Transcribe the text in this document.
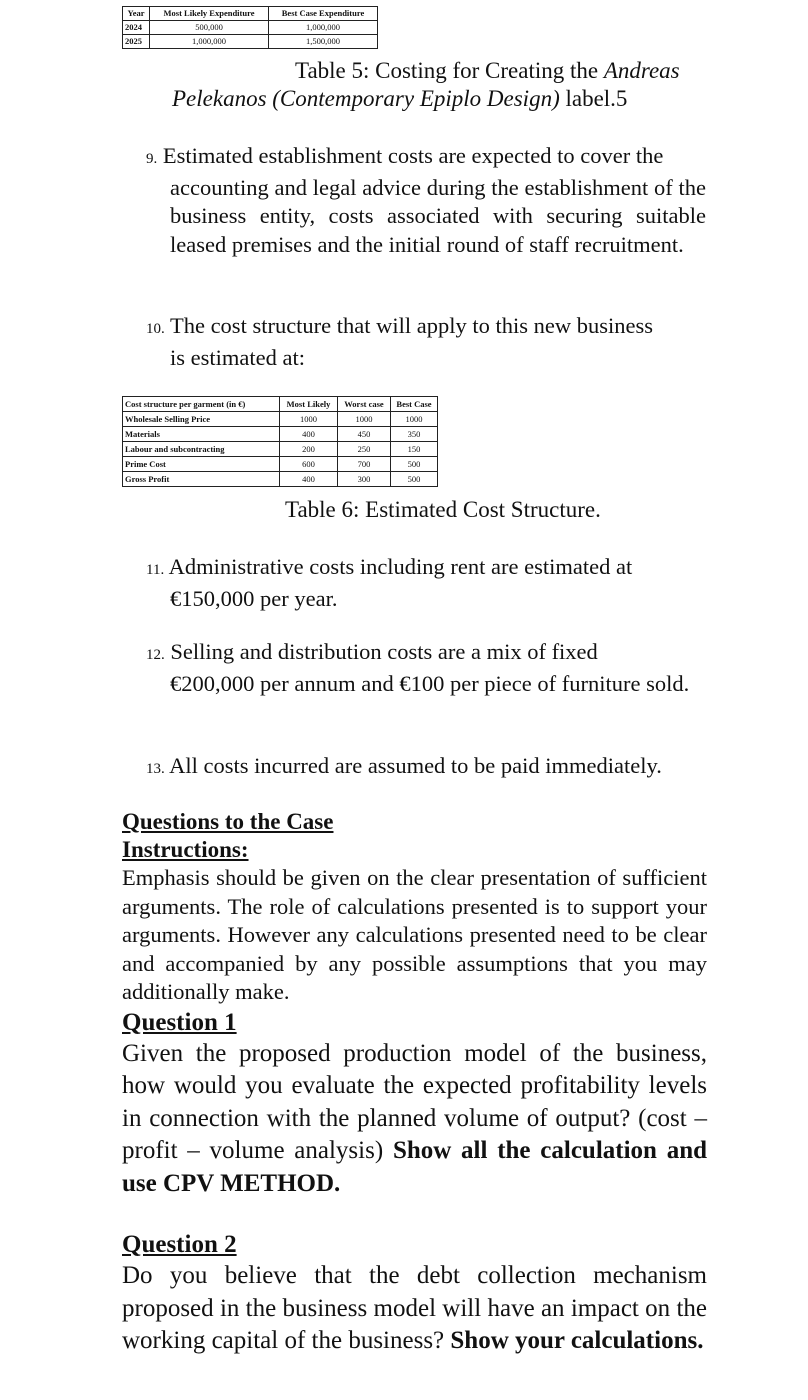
Year	Most Likely Expenditure	Best Case Expenditure
2024	500,000	1,000,000
2025	1,000,000	1,500,000
Table 5: Costing for Creating the Andreas
Pelekanos (Contemporary Epiplo Design) label.5
9. Estimated establishment costs are expected to cover the
accounting and legal advice during the establishment of the business entity, costs associated with securing suitable leased premises and the initial round of staff recruitment.
10. The cost structure that will apply to this new business
is estimated at:
Cost structure per garment (in €)	Most Likely	Worst case	Best Case
Wholesale Selling Price	1000	1000	1000
Materials	400	450	350
Labour and subcontracting	200	250	150
Prime Cost	600	700	500
Gross Profit	400	300	500
Table 6: Estimated Cost Structure.
11. Administrative costs including rent are estimated at
€150,000 per year.
12. Selling and distribution costs are a mix of fixed
€200,000 per annum and €100 per piece of furniture sold.
13. All costs incurred are assumed to be paid immediately.
Questions to the Case
Instructions:
Emphasis should be given on the clear presentation of sufficient arguments. The role of calculations presented is to support your arguments. However any calculations presented need to be clear and accompanied by any possible assumptions that you may additionally make.
Question 1
Given the proposed production model of the business, how would you evaluate the expected profitability levels in connection with the planned volume of output? (cost –profit – volume analysis) Show all the calculation and use CPV METHOD.
Question 2
Do you believe that the debt collection mechanism proposed in the business model will have an impact on the working capital of the business? Show your calculations.
